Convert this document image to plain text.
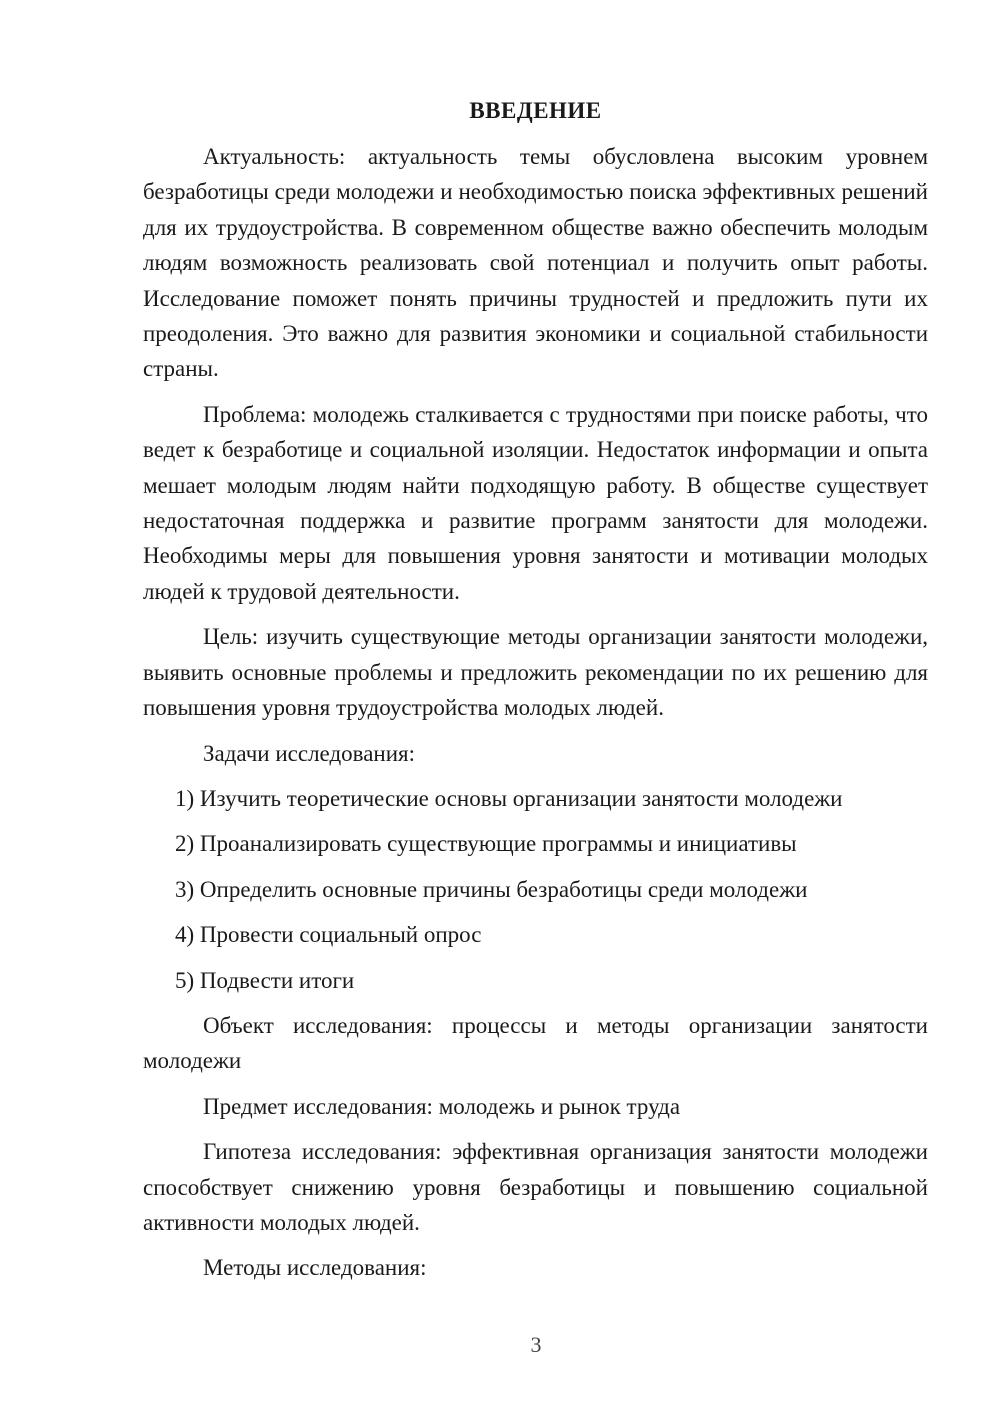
ВВЕДЕНИЕ

Актуальность: актуальность темы обусловлена высоким уровнем безработицы среди молодежи и необходимостью поиска эффективных решений для их трудоустройства. В современном обществе важно обеспечить молодым людям возможность реализовать свой потенциал и получить опыт работы. Исследование поможет понять причины трудностей и предложить пути их преодоления. Это важно для развития экономики и социальной стабильности страны.

Проблема: молодежь сталкивается с трудностями при поиске работы, что ведет к безработице и социальной изоляции. Недостаток информации и опыта мешает молодым людям найти подходящую работу. В обществе существует недостаточная поддержка и развитие программ занятости для молодежи. Необходимы меры для повышения уровня занятости и мотивации молодых людей к трудовой деятельности.

Цель: изучить существующие методы организации занятости молодежи, выявить основные проблемы и предложить рекомендации по их решению для повышения уровня трудоустройства молодых людей.

Задачи исследования:

1) Изучить теоретические основы организации занятости молодежи
2) Проанализировать существующие программы и инициативы
3) Определить основные причины безработицы среди молодежи
4) Провести социальный опрос
5) Подвести итоги

Объект исследования: процессы и методы организации занятости молодежи

Предмет исследования: молодежь и рынок труда

Гипотеза исследования: эффективная организация занятости молодежи способствует снижению уровня безработицы и повышению социальной активности молодых людей.

Методы исследования:

3
